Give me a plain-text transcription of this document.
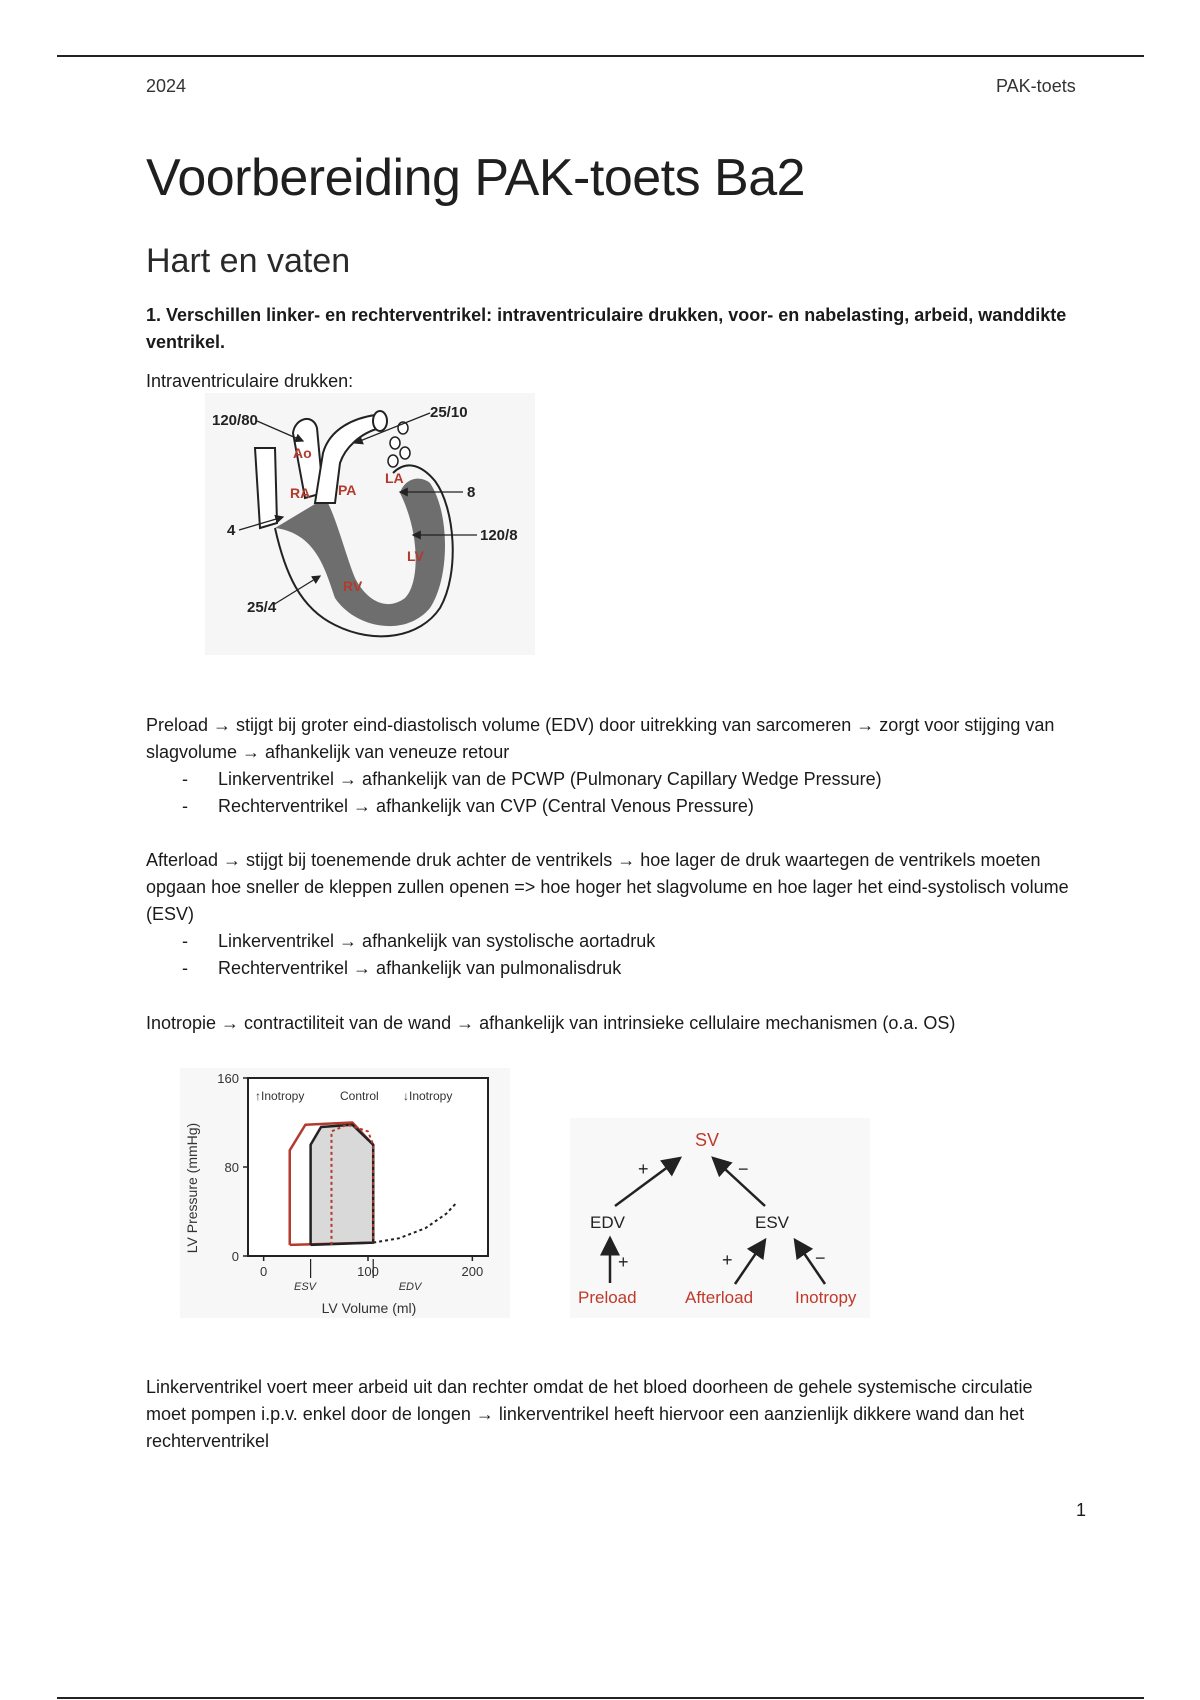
2024	PAK-toets
Voorbereiding PAK-toets Ba2
Hart en vaten

1. Verschillen linker- en rechterventrikel: intraventriculaire drukken, voor- en nabelasting, arbeid, wanddikte ventrikel.

Intraventriculaire drukken:

Ao
RA PA
LA
LV
RV
120/80	25/10
8
120/8
4
25/4

Preload → stijgt bij groter eind-diastolisch volume (EDV) door uitrekking van sarcomeren → zorgt voor stijging van slagvolume → afhankelijk van veneuze retour

- Linkerventrikel → afhankelijk van de PCWP (Pulmonary Capillary Wedge Pressure)
- Rechterventrikel → afhankelijk van CVP (Central Venous Pressure)

Afterload → stijgt bij toenemende druk achter de ventrikels → hoe lager de druk waartegen de ventrikels moeten opgaan hoe sneller de kleppen zullen openen => hoe hoger het slagvolume en hoe lager het eind-systolisch volume (ESV)

- Linkerventrikel → afhankelijk van systolische aortadruk
- Rechterventrikel → afhankelijk van pulmonalisdruk

Inotropie → contractiliteit van de wand → afhankelijk van intrinsieke cellulaire mechanismen (o.a. OS)

0	100	200
0
80
160
LV Pressure (mmHg)
LV Volume (ml)
↑Inotropy	Control ↓Inotropy
ESV	EDV
SV
EDV	ESV
Preload	Afterload Inotropy
+	−
+	+	−

Linkerventrikel voert meer arbeid uit dan rechter omdat de het bloed doorheen de gehele systemische circulatie moet pompen i.p.v. enkel door de longen → linkerventrikel heeft hiervoor een aanzienlijk dikkere wand dan het rechterventrikel

1
